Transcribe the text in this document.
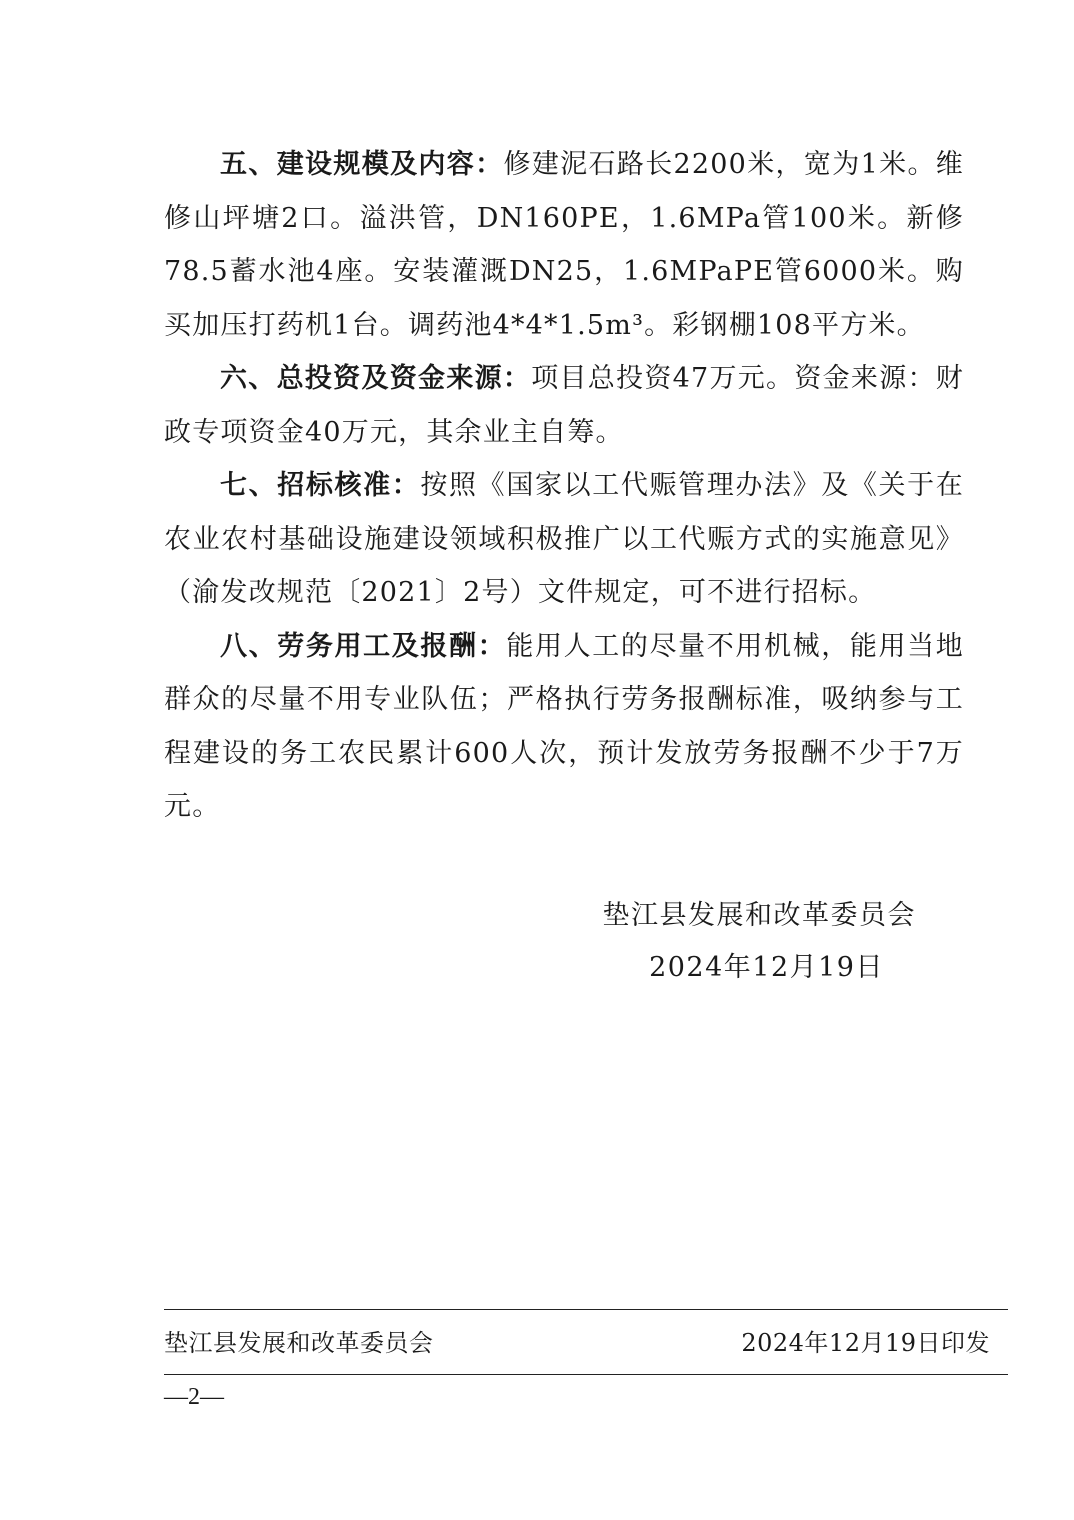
五、建设规模及内容：修建泥石路长2200米，宽为1米。维修山坪塘2口。溢洪管，DN160PE，1.6MPa管100米。新修78.5蓄水池4座。安装灌溉DN25，1.6MPaPE管6000米。购买加压打药机1台。调药池4*4*1.5m³。彩钢棚108平方米。

六、总投资及资金来源：项目总投资47万元。资金来源：财政专项资金40万元，其余业主自筹。

七、招标核准：按照《国家以工代赈管理办法》及《关于在农业农村基础设施建设领域积极推广以工代赈方式的实施意见》（渝发改规范〔2021〕2号）文件规定，可不进行招标。

八、劳务用工及报酬：能用人工的尽量不用机械，能用当地群众的尽量不用专业队伍；严格执行劳务报酬标准，吸纳参与工程建设的务工农民累计600人次，预计发放劳务报酬不少于7万元。

垫江县发展和改革委员会
2024年12月19日
垫江县发展和改革委员会	2024年12月19日印发
—2—
